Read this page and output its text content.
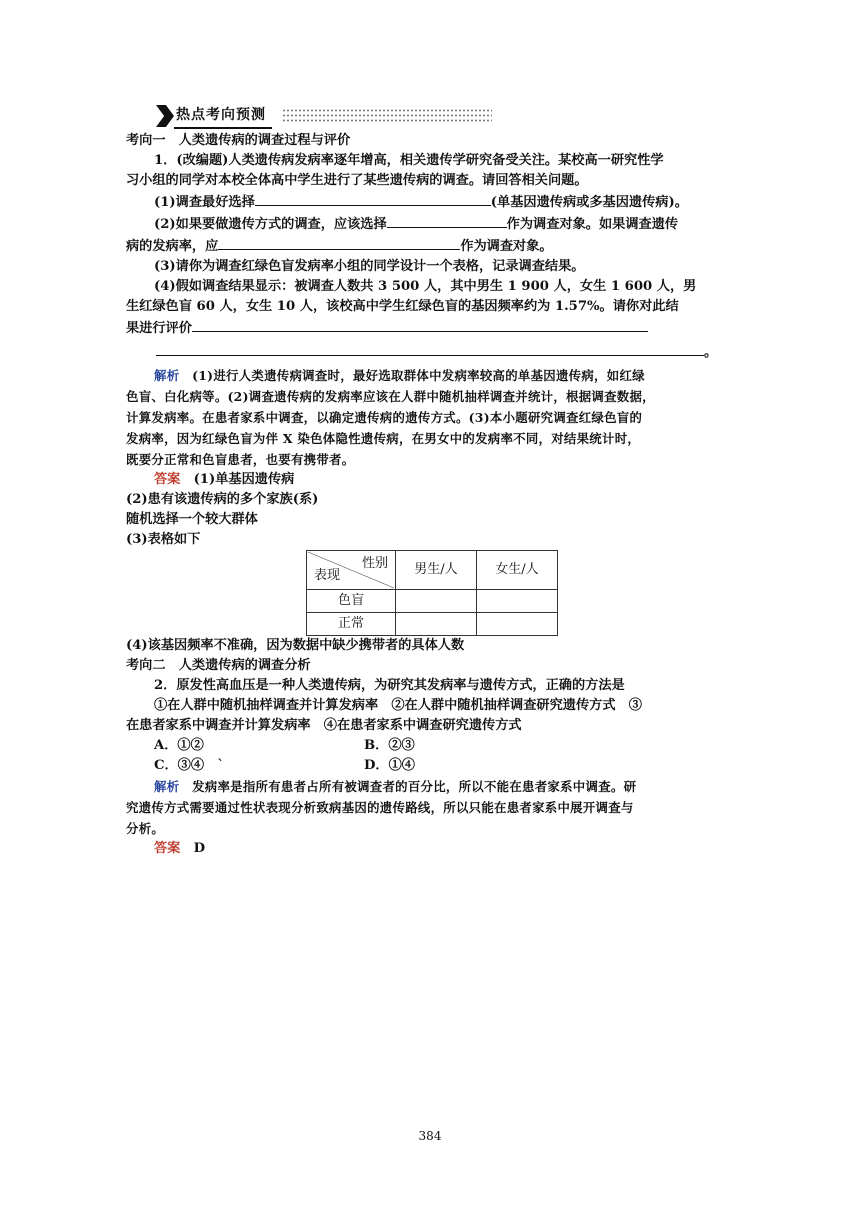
热点考向预测
考向一　人类遗传病的调查过程与评价
1．(改编题)人类遗传病发病率逐年增高，相关遗传学研究备受关注。某校高一研究性学
习小组的同学对本校全体高中学生进行了某些遗传病的调查。请回答相关问题。
(1)调查最好选择	(单基因遗传病或多基因遗传病)。
(2)如果要做遗传方式的调查，应该选择	作为调查对象。如果调查遗传
病的发病率，应	作为调查对象。
(3)请你为调查红绿色盲发病率小组的同学设计一个表格，记录调查结果。
(4)假如调查结果显示：被调查人数共 3 500 人，其中男生 1 900 人，女生 1 600 人，男
生红绿色盲 60 人，女生 10 人，该校高中学生红绿色盲的基因频率约为 1.57%。请你对此结
果进行评价
。
解析　 (1)进行人类遗传病调查时，最好选取群体中发病率较高的单基因遗传病，如红绿
色盲、白化病等。(2)调查遗传病的发病率应该在人群中随机抽样调查并统计，根据调查数据，
计算发病率。在患者家系中调查，以确定遗传病的遗传方式。(3)本小题研究调查红绿色盲的
发病率，因为红绿色盲为伴 X 染色体隐性遗传病，在男女中的发病率不同，对结果统计时，
既要分正常和色盲患者，也要有携带者。
答案　 (1)单基因遗传病
(2)患有该遗传病的多个家族(系)
随机选择一个较大群体
(3)表格如下
性别
表现	男生/人	女生/人
色盲		
正常		
(4)该基因频率不准确，因为数据中缺少携带者的具体人数
考向二　人类遗传病的调查分析
2．原发性高血压是一种人类遗传病，为研究其发病率与遗传方式，正确的方法是
①在人群中随机抽样调查并计算发病率　②在人群中随机抽样调查研究遗传方式　③
在患者家系中调查并计算发病率　④在患者家系中调查研究遗传方式
A．①②	B．②③
C．③④　`	D．①④
解析　 发病率是指所有患者占所有被调查者的百分比，所以不能在患者家系中调查。研
究遗传方式需要通过性状表现分析致病基因的遗传路线，所以只能在患者家系中展开调查与
分析。
答案　 D
384
